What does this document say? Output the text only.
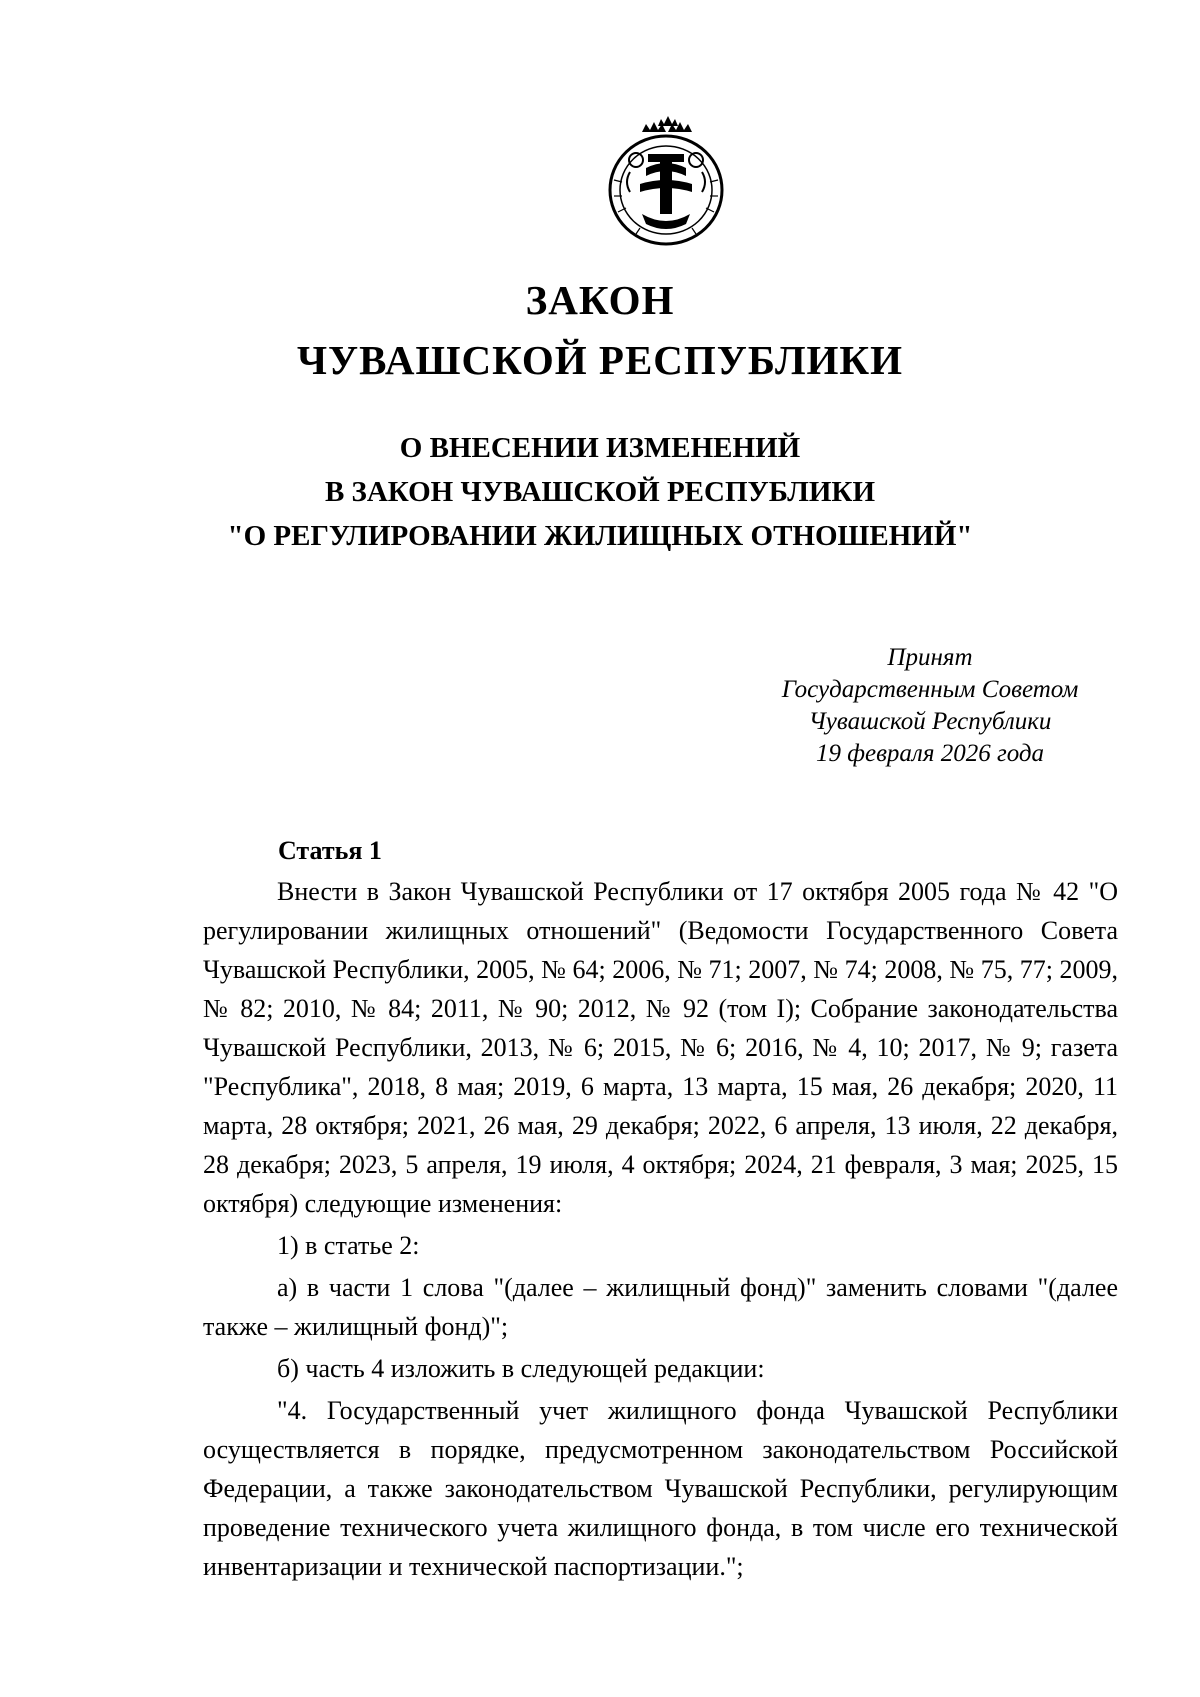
ЗАКОН
ЧУВАШСКОЙ РЕСПУБЛИКИ
О ВНЕСЕНИИ ИЗМЕНЕНИЙ
В ЗАКОН ЧУВАШСКОЙ РЕСПУБЛИКИ
"О РЕГУЛИРОВАНИИ ЖИЛИЩНЫХ ОТНОШЕНИЙ"
Принят
Государственным Советом
Чувашской Республики
19 февраля 2026 года
Статья 1

Внести в Закон Чувашской Республики от 17 октября 2005 года № 42 "О регулировании жилищных отношений" (Ведомости Государственного Совета Чувашской Республики, 2005, № 64; 2006, № 71; 2007, № 74; 2008, № 75, 77; 2009, № 82; 2010, № 84; 2011, № 90; 2012, № 92 (том I); Собрание законодательства Чувашской Республики, 2013, № 6; 2015, № 6; 2016, № 4, 10; 2017, № 9; газета "Республика", 2018, 8 мая; 2019, 6 марта, 13 марта, 15 мая, 26 декабря; 2020, 11 марта, 28 октября; 2021, 26 мая, 29 декабря; 2022, 6 апреля, 13 июля, 22 декабря, 28 декабря; 2023, 5 апреля, 19 июля, 4 октября; 2024, 21 февраля, 3 мая; 2025, 15 октября) следующие изменения:

1) в статье 2:

а) в части 1 слова "(далее – жилищный фонд)" заменить словами "(далее также – жилищный фонд)";

б) часть 4 изложить в следующей редакции:

"4. Государственный учет жилищного фонда Чувашской Республики осуществляется в порядке, предусмотренном законодательством Российской Федерации, а также законодательством Чувашской Республики, регулирующим проведение технического учета жилищного фонда, в том числе его технической инвентаризации и технической паспортизации.";
